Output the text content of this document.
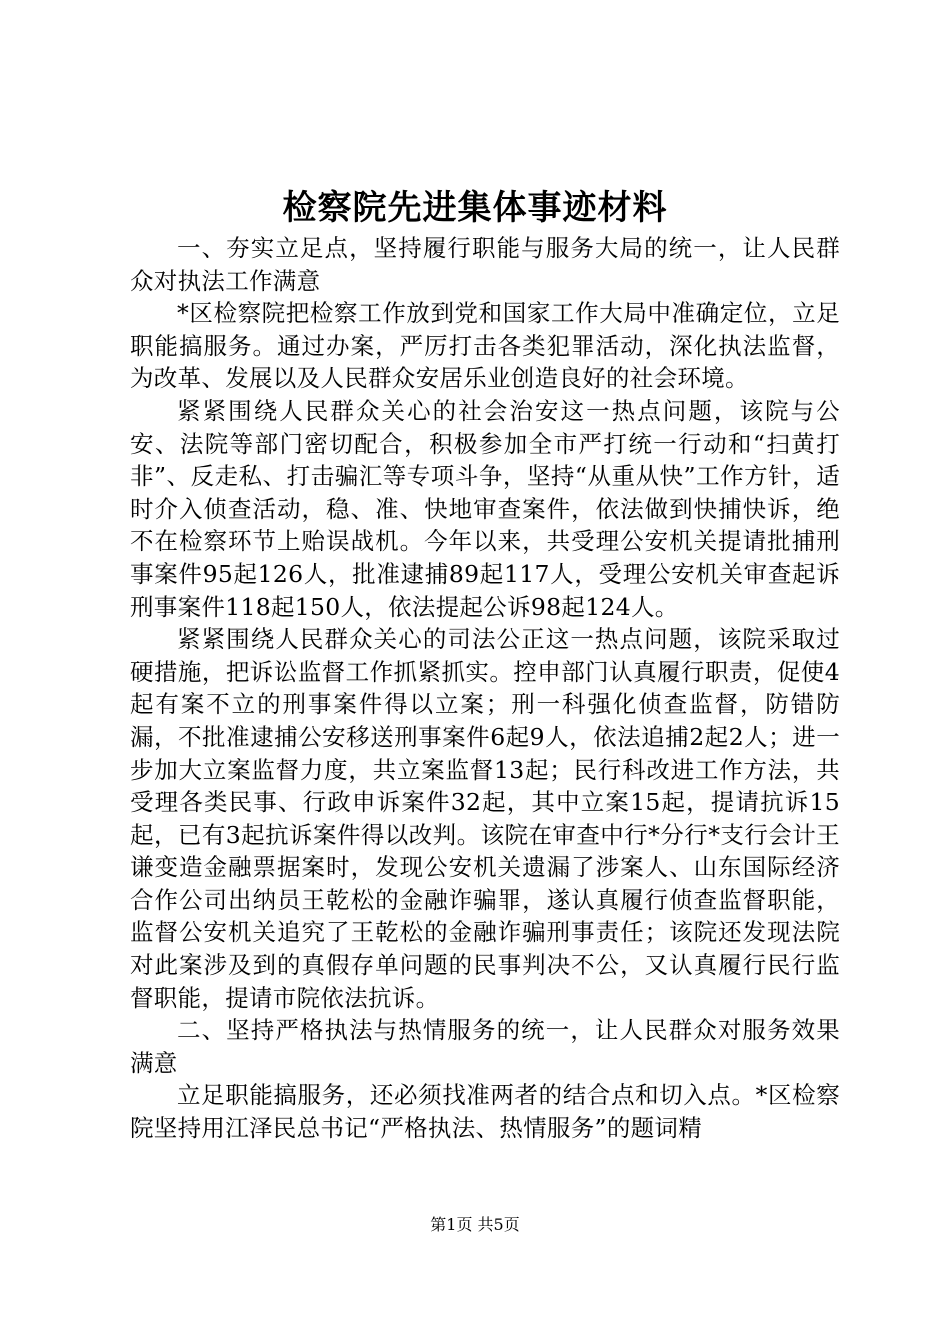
检察院先进集体事迹材料

一、夯实立足点，坚持履行职能与服务大局的统一，让人民群众对执法工作满意

*区检察院把检察工作放到党和国家工作大局中准确定位，立足职能搞服务。通过办案，严厉打击各类犯罪活动，深化执法监督，为改革、发展以及人民群众安居乐业创造良好的社会环境。

紧紧围绕人民群众关心的社会治安这一热点问题，该院与公安、法院等部门密切配合，积极参加全市严打统一行动和“扫黄打非”、反走私、打击骗汇等专项斗争，坚持“从重从快”工作方针，适时介入侦查活动，稳、准、快地审查案件，依法做到快捕快诉，绝不在检察环节上贻误战机。今年以来，共受理公安机关提请批捕刑事案件95起126人，批准逮捕89起117人，受理公安机关审查起诉刑事案件118起150人，依法提起公诉98起124人。

紧紧围绕人民群众关心的司法公正这一热点问题，该院采取过硬措施，把诉讼监督工作抓紧抓实。控申部门认真履行职责，促使4起有案不立的刑事案件得以立案；刑一科强化侦查监督，防错防漏，不批准逮捕公安移送刑事案件6起9人，依法追捕2起2人；进一步加大立案监督力度，共立案监督13起；民行科改进工作方法，共受理各类民事、行政申诉案件32起，其中立案15起，提请抗诉15起，已有3起抗诉案件得以改判。该院在审查中行*分行*支行会计王谦变造金融票据案时，发现公安机关遗漏了涉案人、山东国际经济合作公司出纳员王乾松的金融诈骗罪，遂认真履行侦查监督职能，监督公安机关追究了王乾松的金融诈骗刑事责任；该院还发现法院对此案涉及到的真假存单问题的民事判决不公，又认真履行民行监督职能，提请市院依法抗诉。

二、坚持严格执法与热情服务的统一，让人民群众对服务效果满意

立足职能搞服务，还必须找准两者的结合点和切入点。*区检察院坚持用江泽民总书记“严格执法、热情服务”的题词精

第1页 共5页
